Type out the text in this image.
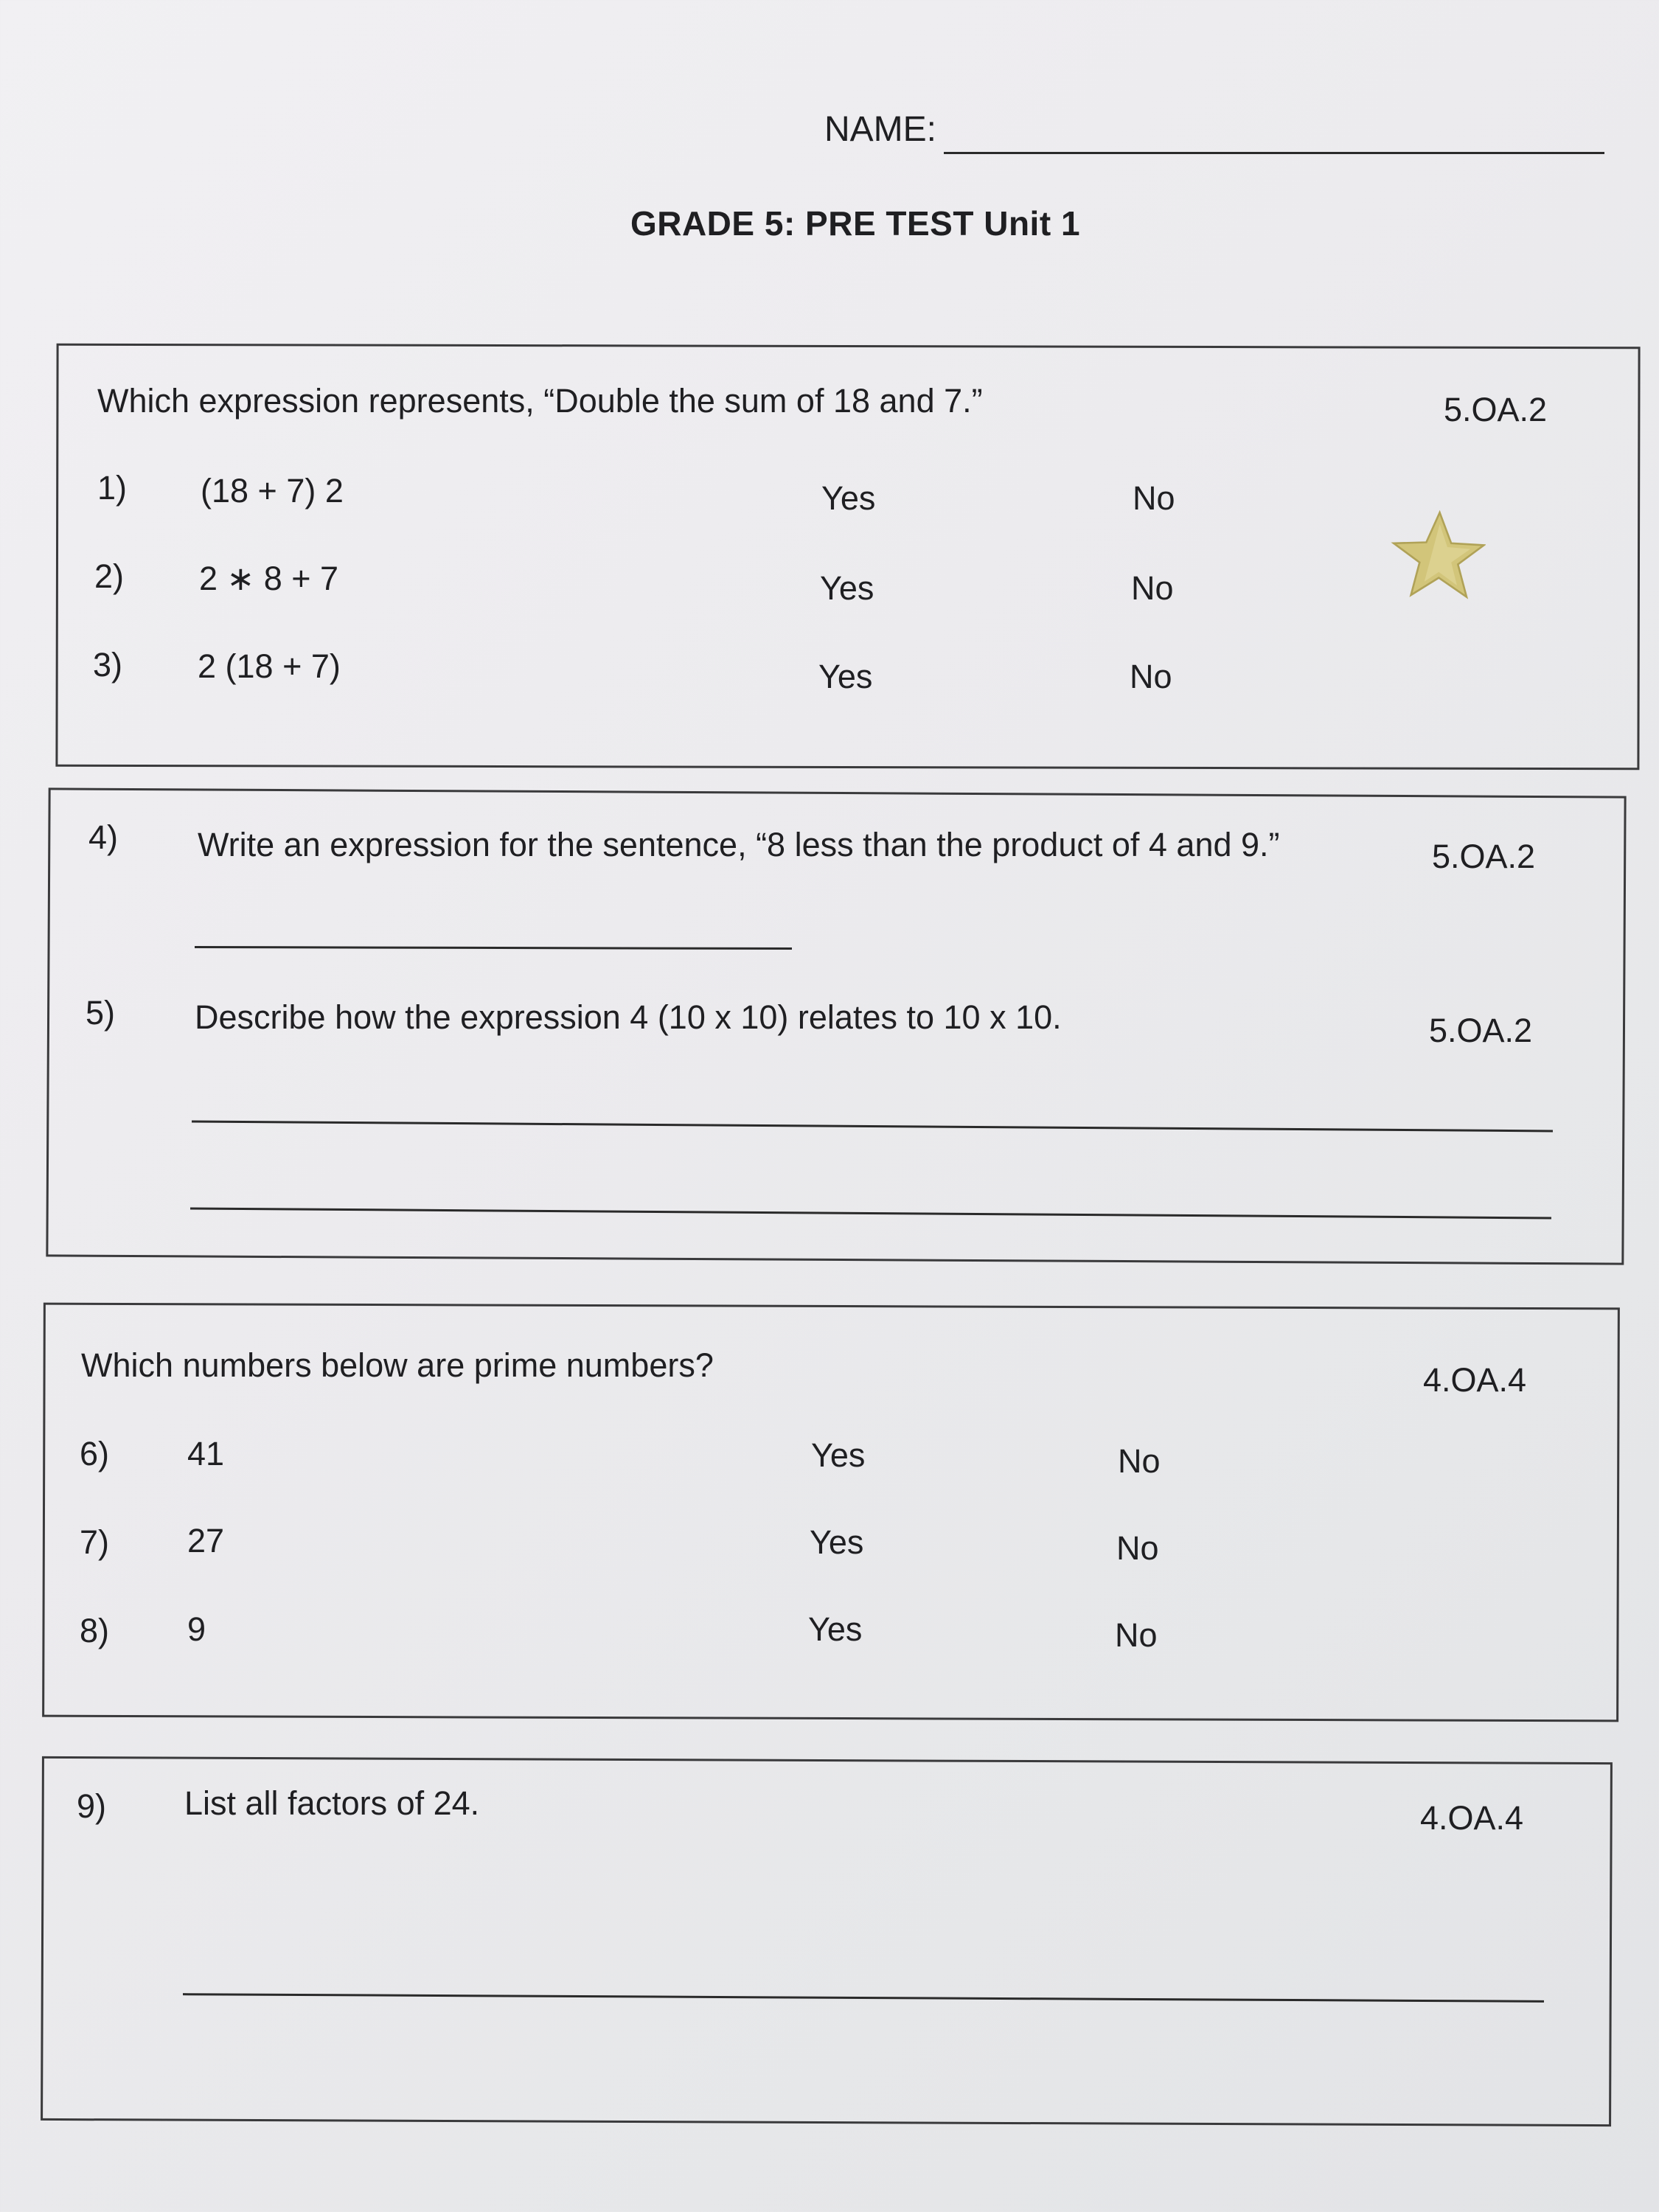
NAME:
GRADE 5: PRE TEST Unit 1
Which expression represents, “Double the sum of 18 and 7.”	5.OA.2
1) (18 + 7) 2	Yes	No
2) 2 ∗ 8 + 7	Yes	No
3) 2 (18 + 7)	Yes	No
4) Write an expression for the sentence, “8 less than the product of 4 and 9.”	5.OA.2
5) Describe how the expression 4 (10 x 10) relates to 10 x 10.	5.OA.2
Which numbers below are prime numbers?	4.OA.4
6) 41	Yes	No
7) 27	Yes	No
8) 9	Yes	No
9) List all factors of 24.	4.OA.4
